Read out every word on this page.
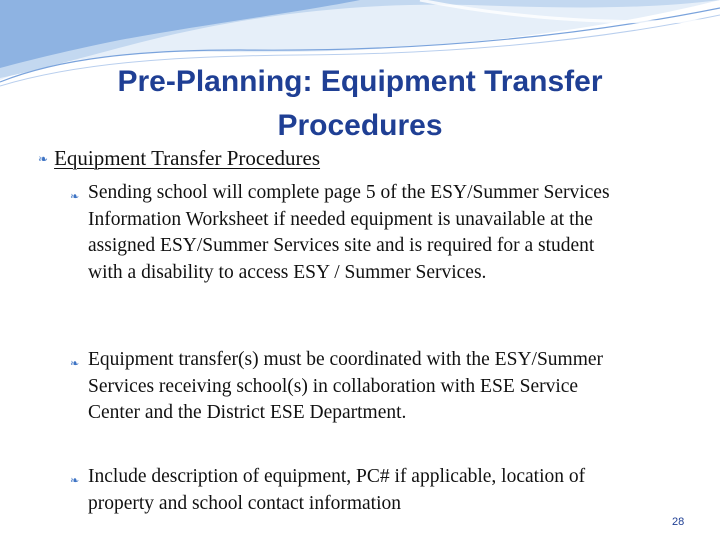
Pre-Planning: Equipment Transfer Procedures
❧ Equipment Transfer Procedures
❧ Sending school will complete page 5 of the ESY/Summer Services Information Worksheet if needed equipment is unavailable at the assigned ESY/Summer Services site and is required for a student with a disability to access ESY / Summer Services.
❧ Equipment transfer(s) must be coordinated with the ESY/Summer Services receiving school(s) in collaboration with ESE Service Center and the District ESE Department.
❧ Include description of equipment, PC# if applicable, location of property and school contact information
28
